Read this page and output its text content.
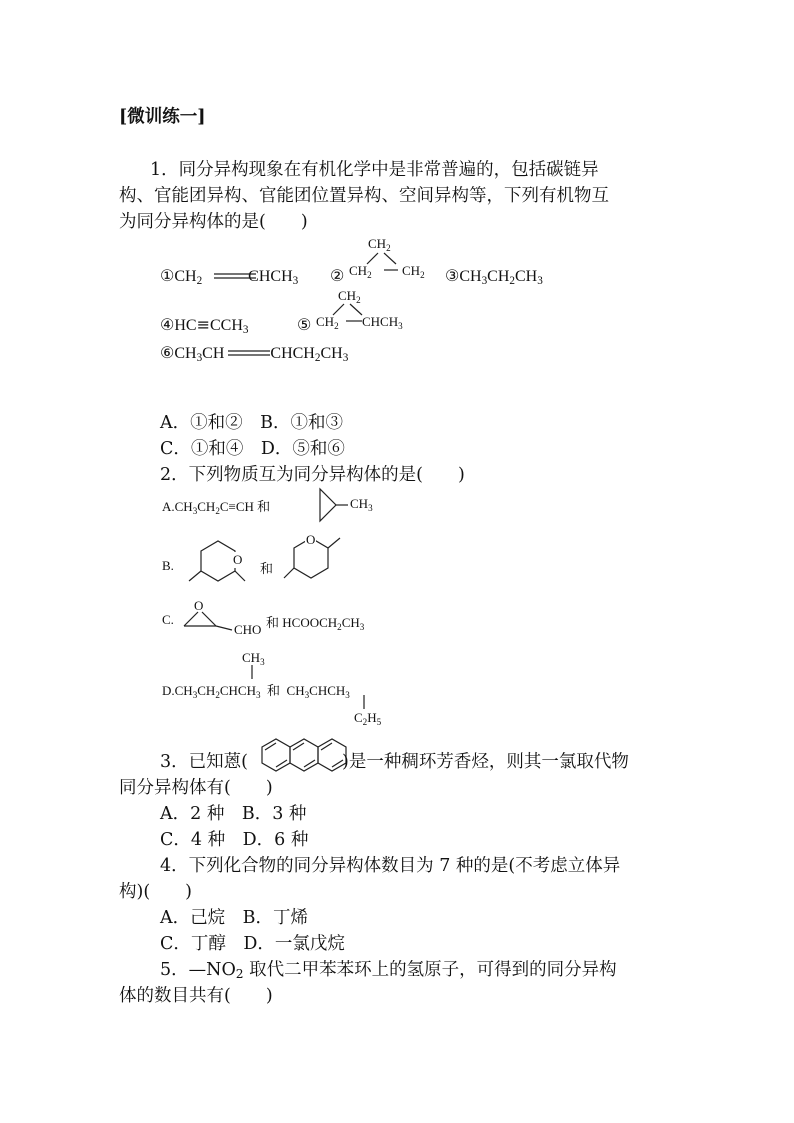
[微训练一]
1．同分异构现象在有机化学中是非常普遍的，包括碳链异
构、官能团异构、官能团位置异构、空间异构等，下列有机物互
为同分异构体的是(　　)
$①CH_2$	$CHCH_3$ ②
$CH_2$
$CH_2$ $CH_2$ $③CH_3CH_2CH_3$
$④HC\equiv CCH_3$	⑤
$CH_2$
$CH_2$ $CHCH_3$
$⑥CH_3CH$	$CHCH_2CH_3$
A．①和②　B．①和③
C．①和④　D．⑤和⑥
2．下列物质互为同分异构体的是(　　)
$A.CH_3CH_2C\equiv CH$ 和	$CH_3$
B.	O
和
O
C.
O
CHO 和 $HCOOCH_2CH_3$
$CH_3$
$D.CH_3CH_2CHCH_3$ 和 $CH_3CHCH_3$
$C_2H_5$
3．已知蒽(	)是一种稠环芳香烃，则其一氯取代物
同分异构体有(　　)
A．2 种　B．3 种
C．4 种　D．6 种
4．下列化合物的同分异构体数目为 7 种的是(不考虑立体异
构)(　　)
A．己烷　B．丁烯
C．丁醇　D．一氯戊烷
5．$—NO_2$ 取代二甲苯苯环上的氢原子，可得到的同分异构
体的数目共有(　　)
